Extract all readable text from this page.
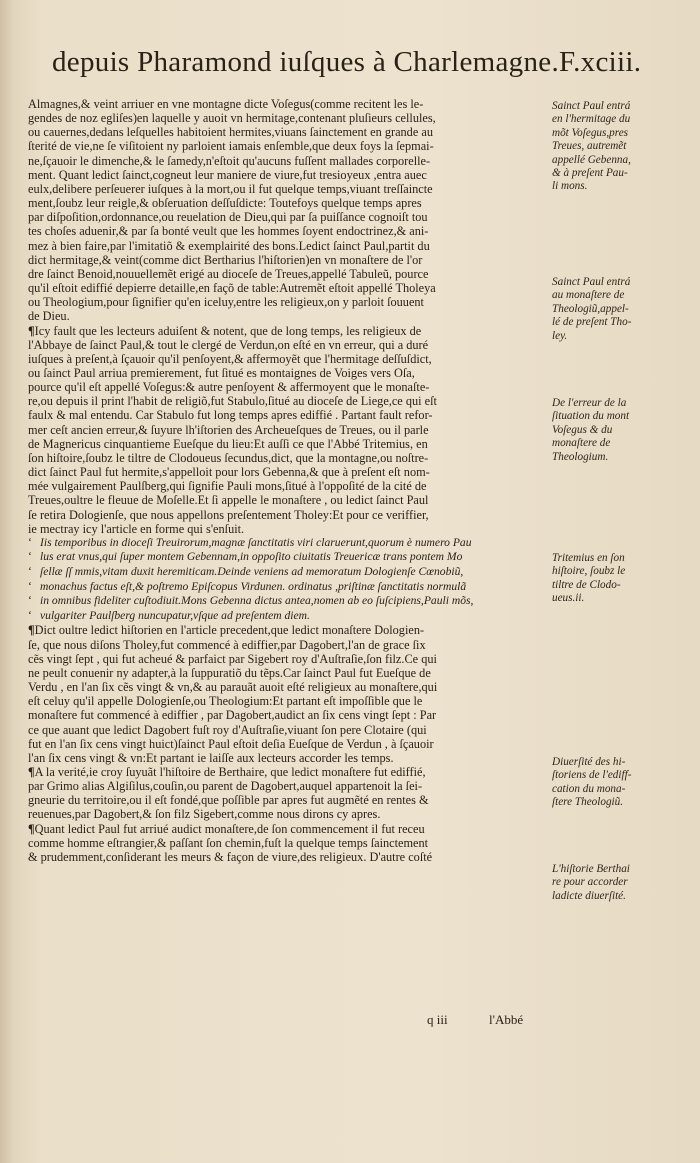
depuis Pharamond iuſques à Charlemagne.F.xciii.
Almagnes,& veint arriuer en vne montagne dicte Voſegus(comme recitent les le-
gendes de noz egliſes)en laquelle y auoit vn hermitage,contenant pluſieurs cellules,
ou cauernes,dedans leſquelles habitoient hermites,viuans ſainctement en grande au
ſterité de vie,ne ſe viſitoient ny parloient iamais enſemble,que deux foys la ſepmai-
ne,ſçauoir le dimenche,& le ſamedy,n'eſtoit qu'aucuns fuſſent mallades corporelle-
ment. Quant ledict ſainct,cogneut leur maniere de viure,fut tresioyeux ,entra auec
eulx,delibere perſeuerer iuſques à la mort,ou il fut quelque temps,viuant treſſaincte
ment,ſoubz leur reigle,& obſeruation deſſuſdicte: Toutefoys quelque temps apres
par diſpoſition,ordonnance,ou reuelation de Dieu,qui par ſa puiſſance cognoiſt tou
tes choſes aduenir,& par ſa bonté veult que les hommes ſoyent endoctrinez,& ani-
mez à bien faire,par l'imitatiõ & exemplairité des bons.Ledict ſainct Paul,partit du
dict hermitage,& veint(comme dict Bertharius l'hiſtorien)en vn monaſtere de l'or
dre ſainct Benoid,nouuellemẽt erigé au dioceſe de Treues,appellé Tabuleũ, pource
qu'il eſtoit ediffié depierre detaille,en façõ de table:Autremẽt eſtoit appellé Tholeya
ou Theologium,pour ſignifier qu'en iceluy,entre les religieux,on y parloit ſouuent
de Dieu.
¶Icy fault que les lecteurs aduiſent & notent, que de long temps, les religieux de
l'Abbaye de ſainct Paul,& tout le clergé de Verdun,on eſté en vn erreur, qui a duré
iuſques à preſent,à ſçauoir qu'il penſoyent,& affermoyẽt que l'hermitage deſſuſdict,
ou ſainct Paul arriua premierement, fut ſitué es montaignes de Voiges vers Oſa,
pource qu'il eſt appellé Voſegus:& autre penſoyent & affermoyent que le monaſte-
re,ou depuis il print l'habit de religiõ,fut Stabulo,ſitué au dioceſe de Liege,ce qui eſt
faulx & mal entendu. Car Stabulo fut long temps apres ediffié . Partant fault refor-
mer ceſt ancien erreur,& ſuyure lh'iſtorien des Archeueſques de Treues, ou il parle
de Magnericus cinquantieme Eueſque du lieu:Et auſſi ce que l'Abbé Tritemius, en
ſon hiſtoire,ſoubz le tiltre de Clodoueus ſecundus,dict, que la montagne,ou noſtre-
dict ſainct Paul fut hermite,s'appelloit pour lors Gebenna,& que à preſent eſt nom-
mée vulgairement Paulſberg,qui ſignifie Pauli mons,ſitué à l'oppoſité de la cité de
Treues,oultre le fleuue de Moſelle.Et ſi appelle le monaſtere , ou ledict ſainct Paul
ſe retira Dologienſe, que nous appellons preſentement Tholey:Et pour ce veriffier,
ie mectray icy l'article en forme qui s'enſuit.
‘ Iis temporibus in dioceſi Treuirorum,magnæ ſanctitatis viri claruerunt,quorum è numero Pau
‘ lus erat vnus,qui ſuper montem Gebennam,in oppoſito ciuitatis Treuericæ trans pontem Mo
‘ ſellæ ſſ mmis,vitam duxit heremiticam.Deinde veniens ad memoratum Dologienſe Cœnobiũ,
‘ monachus factus eſt,& poſtremo Epiſcopus Virdunen. ordinatus ,priſtinæ ſanctitatis normulã
‘ in omnibus fideliter cuſtodiuit.Mons Gebenna dictus antea,nomen ab eo ſuſcipiens,Pauli mõs,
‘ vulgariter Paulſberg nuncupatur,vſque ad preſentem diem.
¶Dict oultre ledict hiſtorien en l'article precedent,que ledict monaſtere Dologien-
ſe, que nous diſons Tholey,fut commencé à ediffier,par Dagobert,l'an de grace ſix
cẽs vingt ſept , qui fut acheué & parfaict par Sigebert roy d'Auſtraſie,ſon filz.Ce qui
ne peult conuenir ny adapter,à la ſuppuratiõ du tẽps.Car ſainct Paul fut Eueſque de
Verdu , en l'an ſix cẽs vingt & vn,& au parauãt auoit eſté religieux au monaſtere,qui
eſt celuy qu'il appelle Dologienſe,ou Theologium:Et partant eſt impoſſible que le
monaſtere fut commencé à ediffier , par Dagobert,audict an ſix cens vingt ſept : Par
ce que auant que ledict Dagobert fuſt roy d'Auſtraſie,viuant ſon pere Clotaire (qui
fut en l'an ſix cens vingt huict)ſainct Paul eſtoit deſia Eueſque de Verdun , à ſçauoir
l'an ſix cens vingt & vn:Et partant ie laiſſe aux lecteurs accorder les temps.
¶A la verité,ie croy ſuyuãt l'hiſtoire de Berthaire, que ledict monaſtere fut ediffié,
par Grimo alias Algiſilus,couſin,ou parent de Dagobert,auquel appartenoit la ſei-
gneurie du territoire,ou il eſt fondé,que poſſible par apres fut augmẽté en rentes &
reuenues,par Dagobert,& ſon filz Sigebert,comme nous dirons cy apres.
¶Quant ledict Paul fut arriué audict monaſtere,de ſon commencement il fut receu
comme homme eſtrangier,& paſſant ſon chemin,fuſt la quelque temps ſainctement
& prudemment,conſiderant les meurs & façon de viure,des religieux. D'autre coſté
q iii	l'Abbé
Sainct Paul entrá
en l'hermitage du
mõt Voſegus,pres
Treues, autremẽt
appellé Gebenna,
& à preſent Pau-
li mons.
Sainct Paul entrá
au monaſtere de
Theologiũ,appel-
lé de preſent Tho-
ley.
De l'erreur de la
ſituation du mont
Voſegus & du
monaſtere de
Theologium.
Tritemius en ſon
hiſtoire, ſoubz le
tiltre de Clodo-
ueus.ii.
Diuerſité des hi-
ſtoriens de l'ediff-
cation du mona-
ſtere Theologiũ.
L'hiſtorie Berthai
re pour accorder
ladicte diuerſité.
